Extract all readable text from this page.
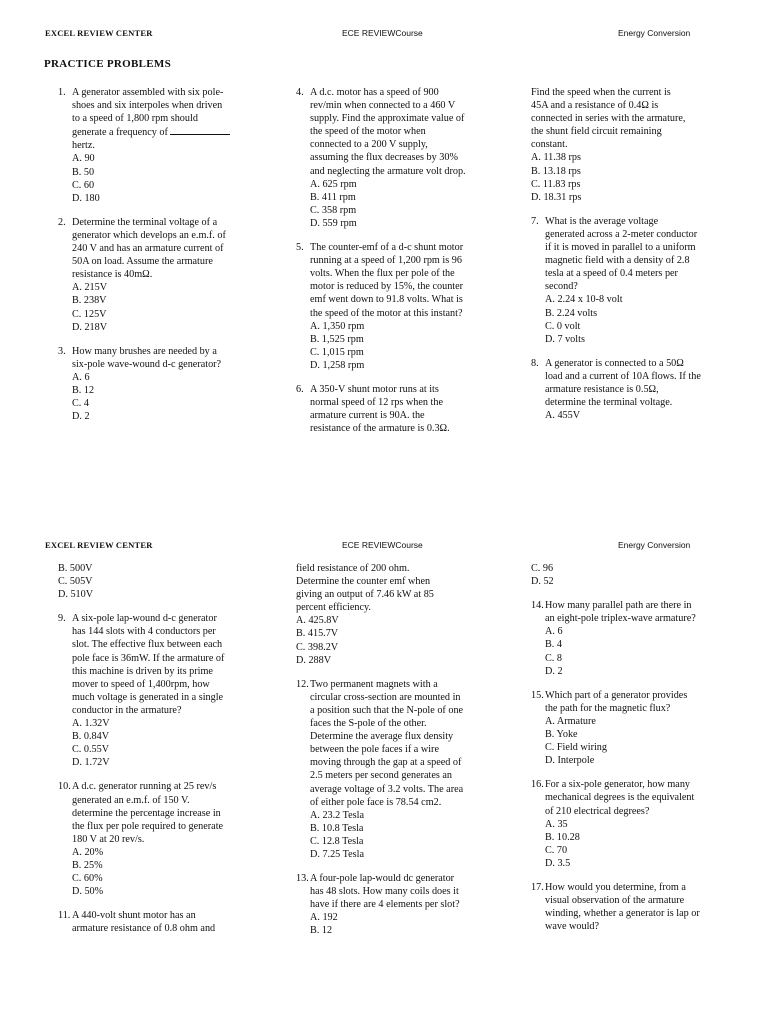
EXCEL REVIEW CENTER	ECE REVIEWCourse	Energy Conversion
PRACTICE PROBLEMS
1. A generator assembled with six pole-
shoes and six interpoles when driven
to a speed of 1,800 rpm should
generate a frequency of
hertz.
A. 90
B. 50
C. 60
D. 180
2. Determine the terminal voltage of a
generator which develops an e.m.f. of
240 V and has an armature current of
50A on load. Assume the armature
resistance is 40mΩ.
A. 215V
B. 238V
C. 125V
D. 218V
3. How many brushes are needed by a
six-pole wave-wound d-c generator?
A. 6
B. 12
C. 4
D. 2
4. A d.c. motor has a speed of 900
rev/min when connected to a 460 V
supply. Find the approximate value of
the speed of the motor when
connected to a 200 V supply,
assuming the flux decreases by 30%
and neglecting the armature volt drop.
A. 625 rpm
B. 411 rpm
C. 358 rpm
D. 559 rpm
5. The counter-emf of a d-c shunt motor
running at a speed of 1,200 rpm is 96
volts. When the flux per pole of the
motor is reduced by 15%, the counter
emf went down to 91.8 volts. What is
the speed of the motor at this instant?
A. 1,350 rpm
B. 1,525 rpm
C. 1,015 rpm
D. 1,258 rpm
6. A 350-V shunt motor runs at its
normal speed of 12 rps when the
armature current is 90A. the
resistance of the armature is 0.3Ω.
Find the speed when the current is
45A and a resistance of 0.4Ω is
connected in series with the armature,
the shunt field circuit remaining
constant.
A. 11.38 rps
B. 13.18 rps
C. 11.83 rps
D. 18.31 rps
7. What is the average voltage
generated across a 2-meter conductor
if it is moved in parallel to a uniform
magnetic field with a density of 2.8
tesla at a speed of 0.4 meters per
second?
A. 2.24 x 10-8 volt
B. 2.24 volts
C. 0 volt
D. 7 volts
8. A generator is connected to a 50Ω
load and a current of 10A flows. If the
armature resistance is 0.5Ω,
determine the terminal voltage.
A. 455V
EXCEL REVIEW CENTER	ECE REVIEWCourse	Energy Conversion
B. 500V
C. 505V
D. 510V
9. A six-pole lap-wound d-c generator
has 144 slots with 4 conductors per
slot. The effective flux between each
pole face is 36mW. If the armature of
this machine is driven by its prime
mover to speed of 1,400rpm, how
much voltage is generated in a single
conductor in the armature?
A. 1.32V
B. 0.84V
C. 0.55V
D. 1.72V
10. A d.c. generator running at 25 rev/s
generated an e.m.f. of 150 V.
determine the percentage increase in
the flux per pole required to generate
180 V at 20 rev/s.
A. 20%
B. 25%
C. 60%
D. 50%
11. A 440-volt shunt motor has an
armature resistance of 0.8 ohm and
field resistance of 200 ohm.
Determine the counter emf when
giving an output of 7.46 kW at 85
percent efficiency.
A. 425.8V
B. 415.7V
C. 398.2V
D. 288V
12. Two permanent magnets with a
circular cross-section are mounted in
a position such that the N-pole of one
faces the S-pole of the other.
Determine the average flux density
between the pole faces if a wire
moving through the gap at a speed of
2.5 meters per second generates an
average voltage of 3.2 volts. The area
of either pole face is 78.54 cm2.
A. 23.2 Tesla
B. 10.8 Tesla
C. 12.8 Tesla
D. 7.25 Tesla
13. A four-pole lap-would dc generator
has 48 slots. How many coils does it
have if there are 4 elements per slot?
A. 192
B. 12
C. 96
D. 52
14. How many parallel path are there in
an eight-pole triplex-wave armature?
A. 6
B. 4
C. 8
D. 2
15. Which part of a generator provides
the path for the magnetic flux?
A. Armature
B. Yoke
C. Field wiring
D. Interpole
16. For a six-pole generator, how many
mechanical degrees is the equivalent
of 210 electrical degrees?
A. 35
B. 10.28
C. 70
D. 3.5
17. How would you determine, from a
visual observation of the armature
winding, whether a generator is lap or
wave would?
